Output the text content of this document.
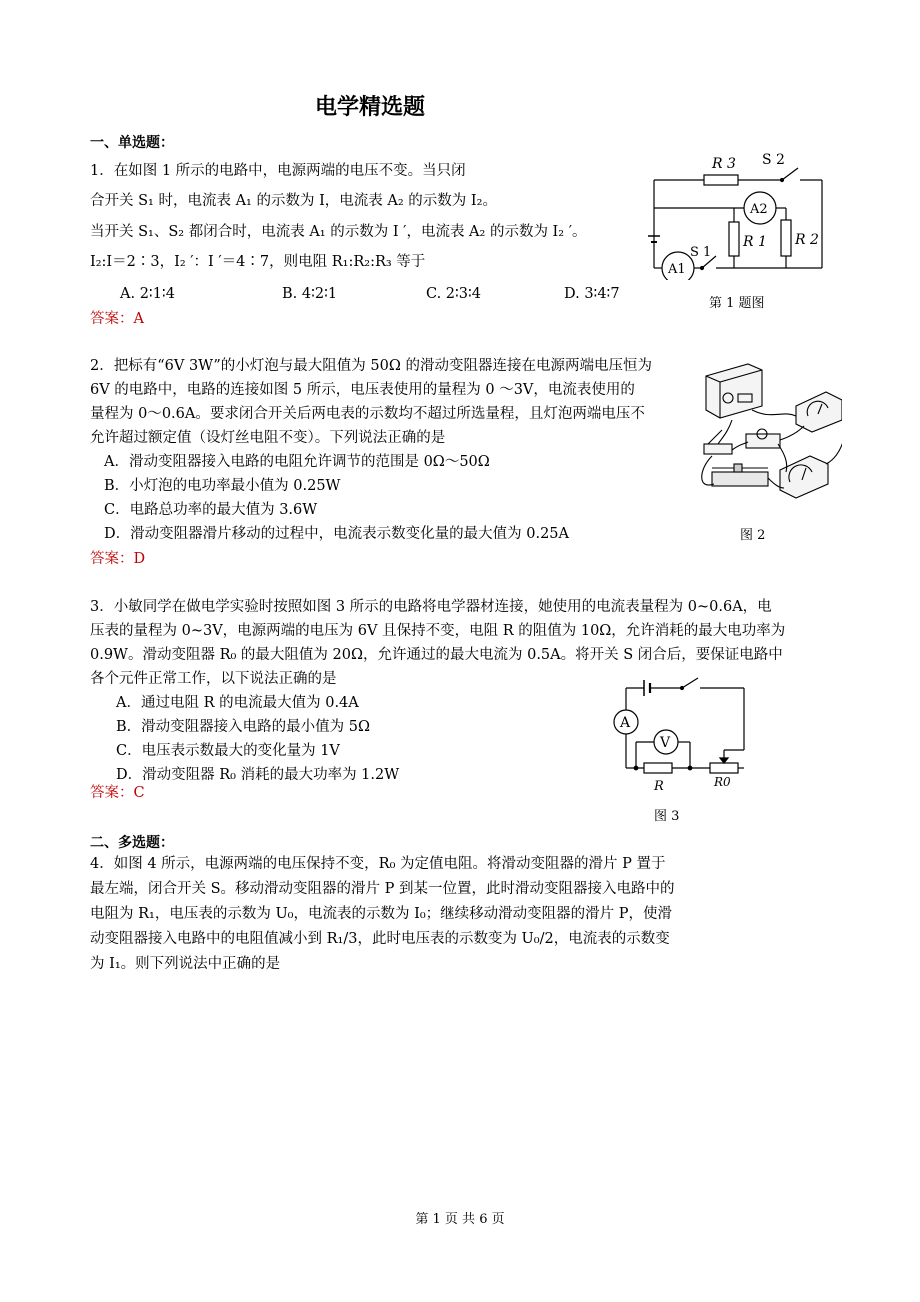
电学精选题
一、单选题：
1．在如图 1 所示的电路中，电源两端的电压不变。当只闭
合开关 S₁ 时，电流表 A₁ 的示数为 I，电流表 A₂ 的示数为 I₂。
当开关 S₁、S₂ 都闭合时，电流表 A₁ 的示数为 I ′，电流表 A₂ 的示数为 I₂ ′。
I₂:I＝2∶3，I₂ ′：I ′＝4∶7，则电阻 R₁:R₂:R₃ 等于
A. 2∶1∶4	B. 4∶2∶1	C. 2∶3∶4	D. 3∶4∶7
答案：A
R 3 S 2
A2
R 1 R 2
S 1
A1
第 1 题图
2．把标有“6V 3W”的小灯泡与最大阻值为 50Ω 的滑动变阻器连接在电源两端电压恒为
6V 的电路中，电路的连接如图 5 所示，电压表使用的量程为 0 ～3V，电流表使用的
量程为 0～0.6A。要求闭合开关后两电表的示数均不超过所选量程，且灯泡两端电压不
允许超过额定值（设灯丝电阻不变）。下列说法正确的是
A．滑动变阻器接入电路的电阻允许调节的范围是 0Ω～50Ω
B．小灯泡的电功率最小值为 0.25W
C．电路总功率的最大值为 3.6W
D．滑动变阻器滑片移动的过程中，电流表示数变化量的最大值为 0.25A
答案：D
图 2
3．小敏同学在做电学实验时按照如图 3 所示的电路将电学器材连接，她使用的电流表量程为 0~0.6A，电
压表的量程为 0~3V，电源两端的电压为 6V 且保持不变，电阻 R 的阻值为 10Ω，允许消耗的最大电功率为
0.9W。滑动变阻器 R₀ 的最大阻值为 20Ω，允许通过的最大电流为 0.5A。将开关 S 闭合后，要保证电路中
各个元件正常工作，以下说法正确的是
A．通过电阻 R 的电流最大值为 0.4A
B．滑动变阻器接入电路的最小值为 5Ω
C．电压表示数最大的变化量为 1V
D．滑动变阻器 R₀ 消耗的最大功率为 1.2W
答案：C
A
V
R	R0
图 3
二、多选题：
4．如图 4 所示，电源两端的电压保持不变，R₀ 为定值电阻。将滑动变阻器的滑片 P 置于
最左端，闭合开关 S。移动滑动变阻器的滑片 P 到某一位置，此时滑动变阻器接入电路中的
电阻为 R₁，电压表的示数为 U₀，电流表的示数为 I₀；继续移动滑动变阻器的滑片 P，使滑
动变阻器接入电路中的电阻值减小到 R₁/3，此时电压表的示数变为 U₀/2，电流表的示数变
为 I₁。则下列说法中正确的是
第 1 页 共 6 页
